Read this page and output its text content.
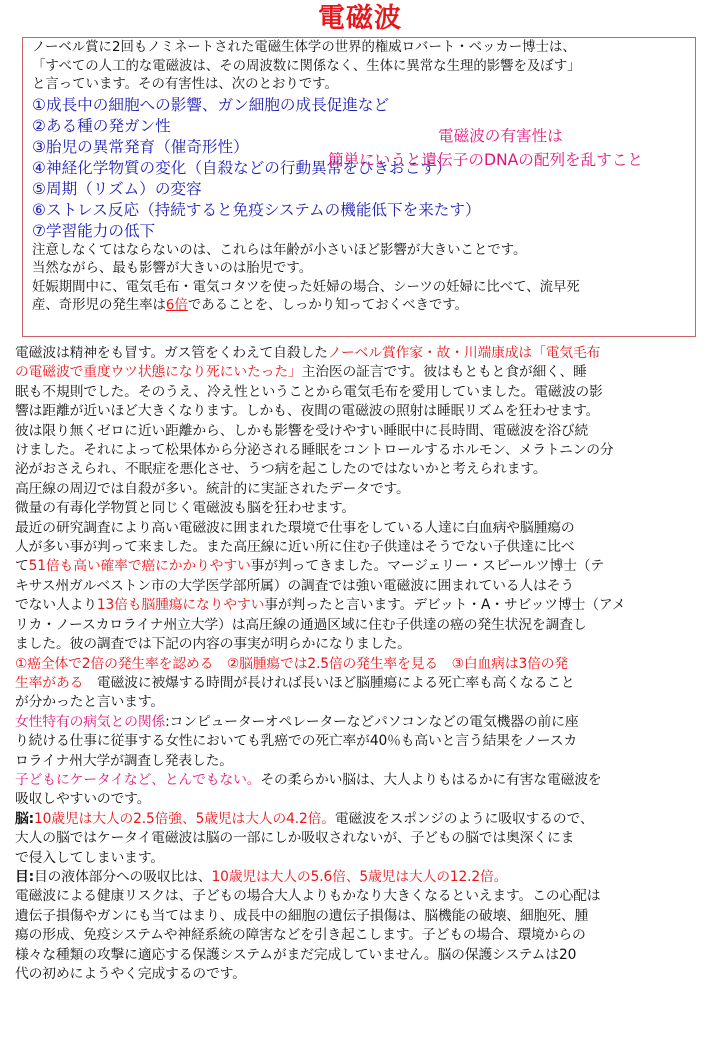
電磁波
ノーベル賞に2回もノミネートされた電磁生体学の世界的権威ロバート・ベッカー博士は、
「すべての人工的な電磁波は、その周波数に関係なく、生体に異常な生理的影響を及ぼす」
と言っています。その有害性は、次のとおりです。
①成長中の細胞への影響、ガン細胞の成長促進など
②ある種の発ガン性
③胎児の異常発育（催奇形性）
④神経化学物質の変化（自殺などの行動異常をひきおこす）
⑤周期（リズム）の変容
⑥ストレス反応（持続すると免疫システムの機能低下を来たす）
⑦学習能力の低下
注意しなくてはならないのは、これらは年齢が小さいほど影響が大きいことです。
当然ながら、最も影響が大きいのは胎児です。
妊娠期間中に、電気毛布・電気コタツを使った妊婦の場合、シーツの妊婦に比べて、流早死
産、奇形児の発生率は6倍であることを、しっかり知っておくべきです。
電磁波の有害性は
簡単にいうと遺伝子のDNAの配列を乱すこと
電磁波は精神をも冒す。ガス管をくわえて自殺したノーベル賞作家・故・川端康成は「電気毛布
の電磁波で重度ウツ状態になり死にいたった」主治医の証言です。彼はもともと食が細く、睡
眠も不規則でした。そのうえ、冷え性ということから電気毛布を愛用していました。電磁波の影
響は距離が近いほど大きくなります。しかも、夜間の電磁波の照射は睡眠リズムを狂わせます。
彼は限り無くゼロに近い距離から、しかも影響を受けやすい睡眠中に長時間、電磁波を浴び続
けました。それによって松果体から分泌される睡眠をコントロールするホルモン、メラトニンの分
泌がおさえられ、不眠症を悪化させ、うつ病を起こしたのではないかと考えられます。
高圧線の周辺では自殺が多い。統計的に実証されたデータです。
微量の有毒化学物質と同じく電磁波も脳を狂わせます。
最近の研究調査により高い電磁波に囲まれた環境で仕事をしている人達に白血病や脳腫瘍の
人が多い事が判って来ました。また高圧線に近い所に住む子供達はそうでない子供達に比べ
て51倍も高い確率で癌にかかりやすい事が判ってきました。マージェリー・スピールツ博士（テ
キサス州ガルベストン市の大学医学部所属）の調査では強い電磁波に囲まれている人はそう
でない人より13倍も脳腫瘍になりやすい事が判ったと言います。デビット・A・サビッツ博士（アメ
リカ・ノースカロライナ州立大学）は高圧線の通過区域に住む子供達の癌の発生状況を調査し
ました。彼の調査では下記の内容の事実が明らかになりました。
①癌全体で2倍の発生率を認める　②脳腫瘍では2.5倍の発生率を見る　③白血病は3倍の発
生率がある　電磁波に被爆する時間が長ければ長いほど脳腫瘍による死亡率も高くなること
が分かったと言います。
女性特有の病気との関係:コンピューターオペレーターなどパソコンなどの電気機器の前に座
り続ける仕事に従事する女性においても乳癌での死亡率が40％も高いと言う結果をノースカ
ロライナ州大学が調査し発表した。
子どもにケータイなど、とんでもない。その柔らかい脳は、大人よりもはるかに有害な電磁波を
吸収しやすいのです。
脳:10歳児は大人の2.5倍強、5歳児は大人の4.2倍。電磁波をスポンジのように吸収するので、
大人の脳ではケータイ電磁波は脳の一部にしか吸収されないが、子どもの脳では奥深くにま
で侵入してしまいます。
目:目の液体部分への吸収比は、10歳児は大人の5.6倍、5歳児は大人の12.2倍。
電磁波による健康リスクは、子どもの場合大人よりもかなり大きくなるといえます。この心配は
遺伝子損傷やガンにも当てはまり、成長中の細胞の遺伝子損傷は、脳機能の破壊、細胞死、腫
瘍の形成、免疫システムや神経系統の障害などを引き起こします。子どもの場合、環境からの
様々な種類の攻撃に適応する保護システムがまだ完成していません。脳の保護システムは20
代の初めにようやく完成するのです。
